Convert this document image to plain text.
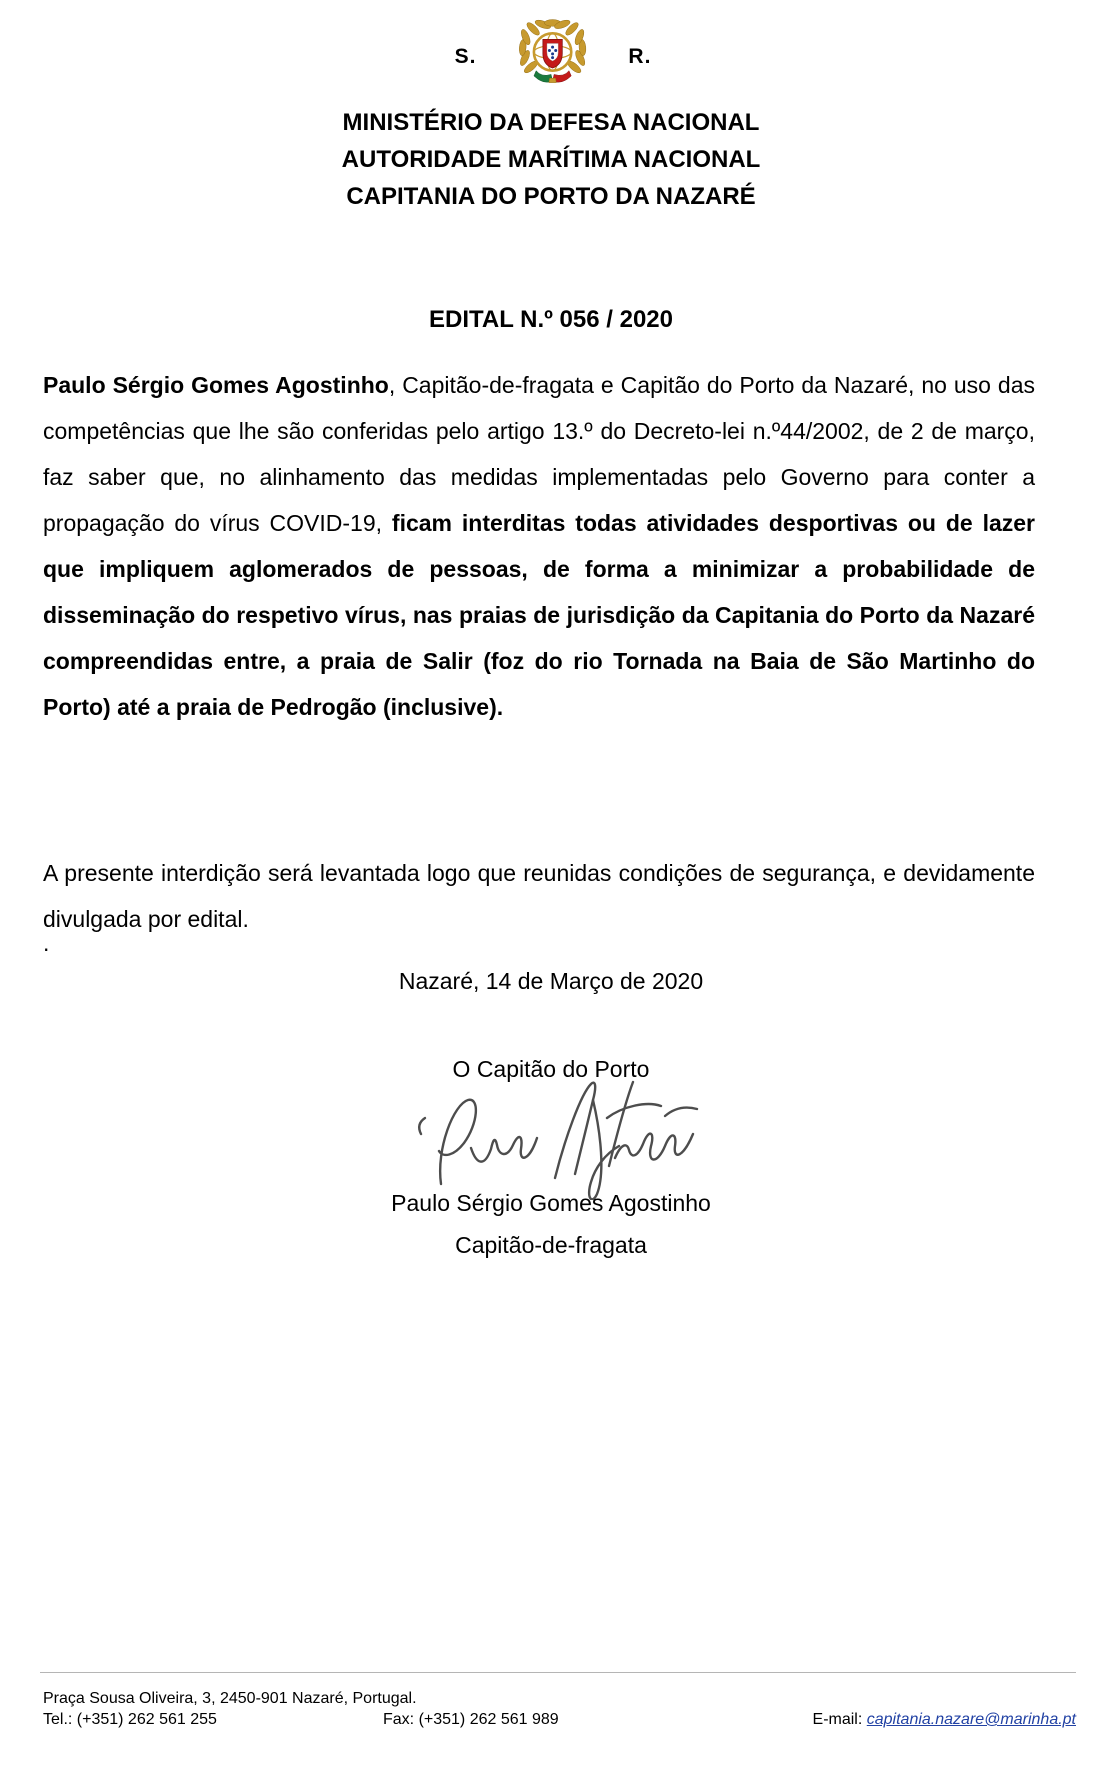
S.	R.
MINISTÉRIO DA DEFESA NACIONAL
AUTORIDADE MARÍTIMA NACIONAL
CAPITANIA DO PORTO DA NAZARÉ
EDITAL N.º 056 / 2020

Paulo Sérgio Gomes Agostinho, Capitão-de-fragata e Capitão do Porto da Nazaré, no uso das competências que lhe são conferidas pelo artigo 13.º do Decreto-lei n.º44/2002, de 2 de março, faz saber que, no alinhamento das medidas implementadas pelo Governo para conter a propagação do vírus COVID-19, ficam interditas todas atividades desportivas ou de lazer que impliquem aglomerados de pessoas, de forma a minimizar a probabilidade de disseminação do respetivo vírus, nas praias de jurisdição da Capitania do Porto da Nazaré compreendidas entre, a praia de Salir (foz do rio Tornada na Baia de São Martinho do Porto) até a praia de Pedrogão (inclusive).

A presente interdição será levantada logo que reunidas condições de segurança, e devidamente divulgada por edital.

.
Nazaré, 14 de Março de 2020
O Capitão do Porto
Paulo Sérgio Gomes Agostinho
Capitão-de-fragata
Praça Sousa Oliveira, 3, 2450-901 Nazaré, Portugal.
Tel.: (+351) 262 561 255	Fax: (+351) 262 561 989	E-mail: capitania.nazare@marinha.pt
